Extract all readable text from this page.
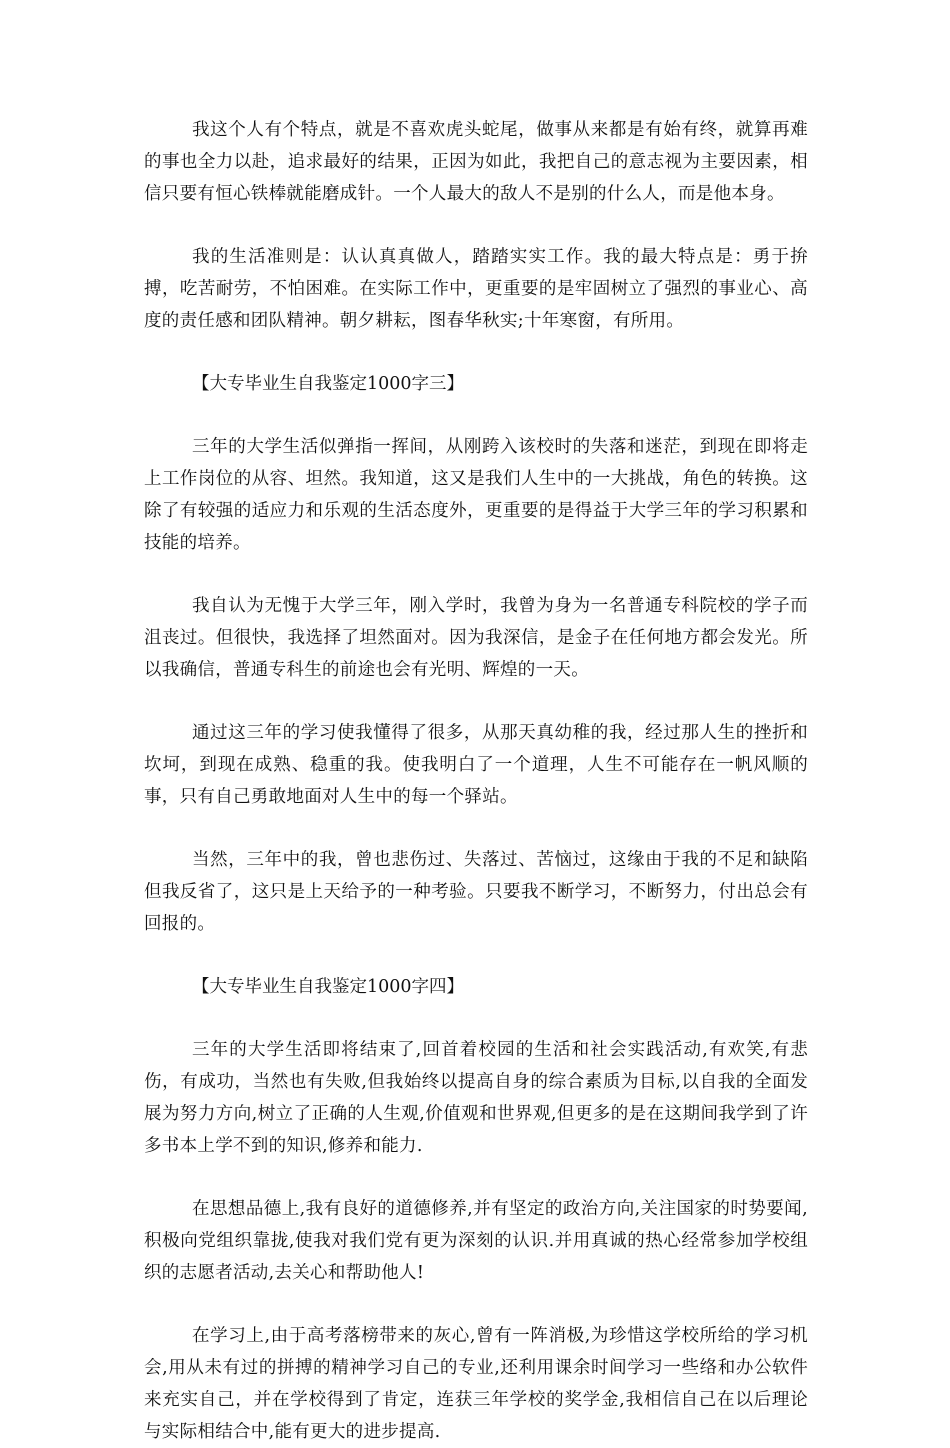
我这个人有个特点，就是不喜欢虎头蛇尾，做事从来都是有始有终，就算再难的事也全力以赴，追求最好的结果，正因为如此，我把自己的意志视为主要因素，相信只要有恒心铁棒就能磨成针。一个人最大的敌人不是别的什么人，而是他本身。

我的生活准则是：认认真真做人，踏踏实实工作。我的最大特点是：勇于拚搏，吃苦耐劳，不怕困难。在实际工作中，更重要的是牢固树立了强烈的事业心、高度的责任感和团队精神。朝夕耕耘，图春华秋实;十年寒窗，有所用。

【大专毕业生自我鉴定1000字三】

三年的大学生活似弹指一挥间，从刚跨入该校时的失落和迷茫，到现在即将走上工作岗位的从容、坦然。我知道，这又是我们人生中的一大挑战，角色的转换。这除了有较强的适应力和乐观的生活态度外，更重要的是得益于大学三年的学习积累和技能的培养。

我自认为无愧于大学三年，刚入学时，我曾为身为一名普通专科院校的学子而沮丧过。但很快，我选择了坦然面对。因为我深信，是金子在任何地方都会发光。所以我确信，普通专科生的前途也会有光明、辉煌的一天。

通过这三年的学习使我懂得了很多，从那天真幼稚的我，经过那人生的挫折和坎坷，到现在成熟、稳重的我。使我明白了一个道理，人生不可能存在一帆风顺的事，只有自己勇敢地面对人生中的每一个驿站。

当然，三年中的我，曾也悲伤过、失落过、苦恼过，这缘由于我的不足和缺陷但我反省了，这只是上天给予的一种考验。只要我不断学习，不断努力，付出总会有回报的。

【大专毕业生自我鉴定1000字四】

三年的大学生活即将结束了,回首着校园的生活和社会实践活动,有欢笑,有悲伤，有成功，当然也有失败,但我始终以提高自身的综合素质为目标,以自我的全面发展为努力方向,树立了正确的人生观,价值观和世界观,但更多的是在这期间我学到了许多书本上学不到的知识,修养和能力.

在思想品德上,我有良好的道德修养,并有坚定的政治方向,关注国家的时势要闻,积极向党组织靠拢,使我对我们党有更为深刻的认识.并用真诚的热心经常参加学校组织的志愿者活动,去关心和帮助他人!

在学习上,由于高考落榜带来的灰心,曾有一阵消极,为珍惜这学校所给的学习机会,用从未有过的拼搏的精神学习自己的专业,还利用课余时间学习一些络和办公软件来充实自己，并在学校得到了肯定，连获三年学校的奖学金,我相信自己在以后理论与实际相结合中,能有更大的进步提高.
